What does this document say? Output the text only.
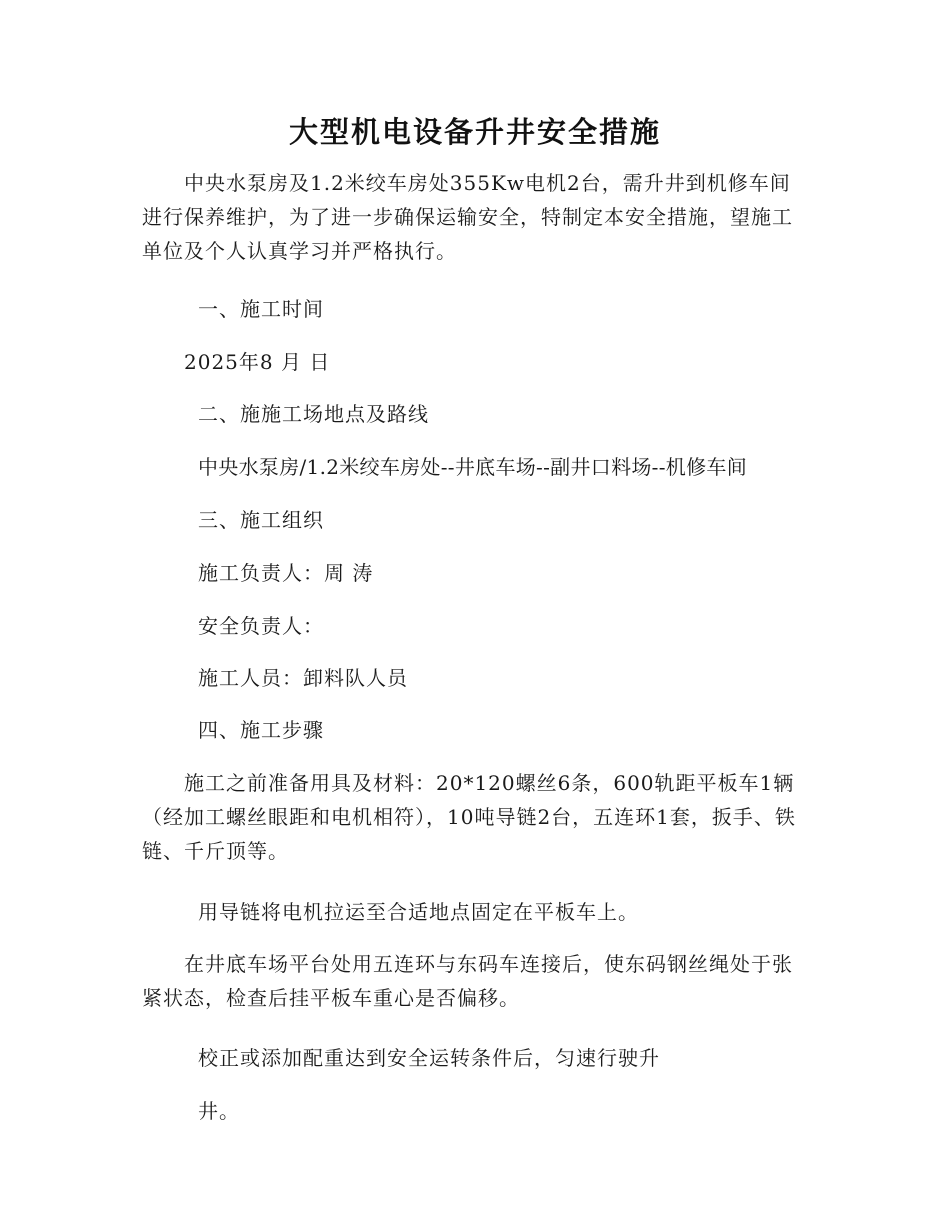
大型机电设备升井安全措施

中央水泵房及1.2米绞车房处355Kw电机2台，需升井到机修车间进行保养维护，为了进一步确保运输安全，特制定本安全措施，望施工单位及个人认真学习并严格执行。

一、施工时间

2025年8 月 日

二、施施工场地点及路线

中央水泵房/1.2米绞车房处--井底车场--副井口料场--机修车间

三、施工组织

施工负责人：周 涛

安全负责人：

施工人员：卸料队人员

四、施工步骤

施工之前准备用具及材料：20*120螺丝6条，600轨距平板车1辆（经加工螺丝眼距和电机相符），10吨导链2台，五连环1套，扳手、铁链、千斤顶等。

用导链将电机拉运至合适地点固定在平板车上。

在井底车场平台处用五连环与东码车连接后，使东码钢丝绳处于张紧状态，检查后挂平板车重心是否偏移。

校正或添加配重达到安全运转条件后，匀速行驶升

井。
